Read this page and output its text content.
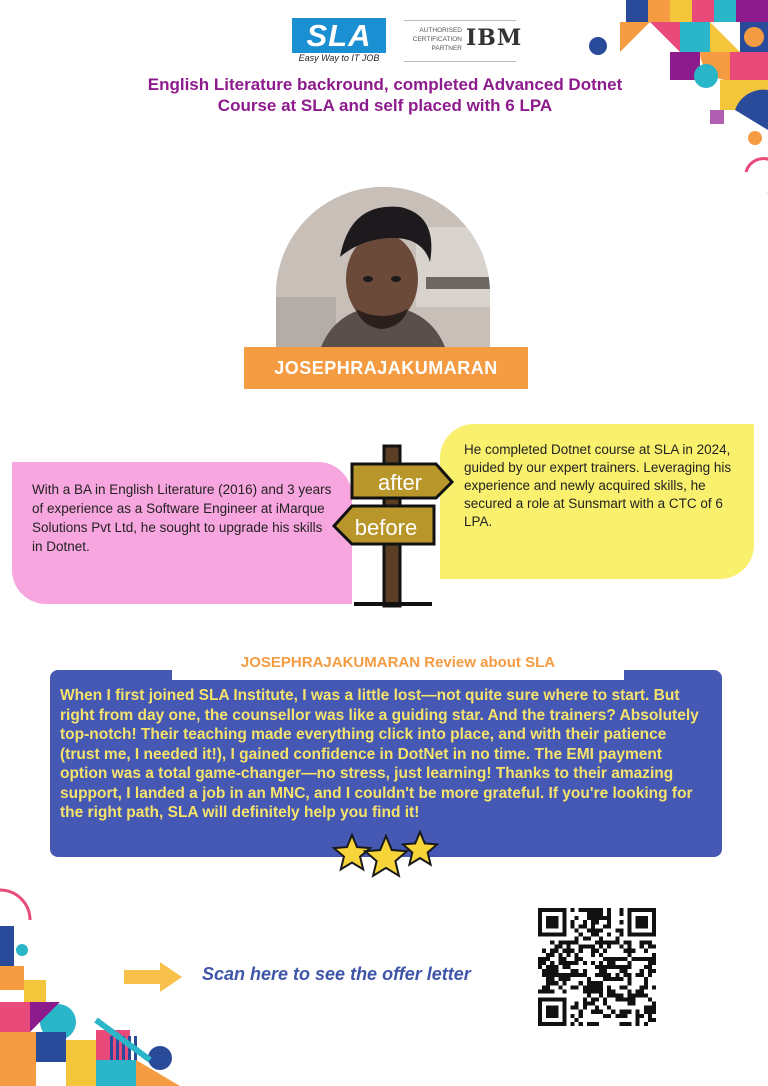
SLA
Easy Way to IT JOB
AUTHORISED
CERTIFICATION
PARTNER IBM
English Literature backround, completed Advanced Dotnet
Course at SLA and self placed with 6 LPA
JOSEPHRAJAKUMARAN
With a BA in English Literature (2016) and 3 years of experience as a Software Engineer at iMarque Solutions Pvt Ltd, he sought to upgrade his skills in Dotnet.
He completed Dotnet course at SLA in 2024, guided by our expert trainers. Leveraging his experience and newly acquired skills, he secured a role at Sunsmart with a CTC of 6 LPA.
after
before
When I first joined SLA Institute, I was a little lost—not quite sure where to start. But right from day one, the counsellor was like a guiding star. And the trainers? Absolutely top-notch! Their teaching made everything click into place, and with their patience (trust me, I needed it!), I gained confidence in DotNet in no time. The EMI payment option was a total game-changer—no stress, just learning! Thanks to their amazing support, I landed a job in an MNC, and I couldn't be more grateful. If you're looking for the right path, SLA will definitely help you find it!
JOSEPHRAJAKUMARAN Review about SLA
Scan here to see the offer letter
